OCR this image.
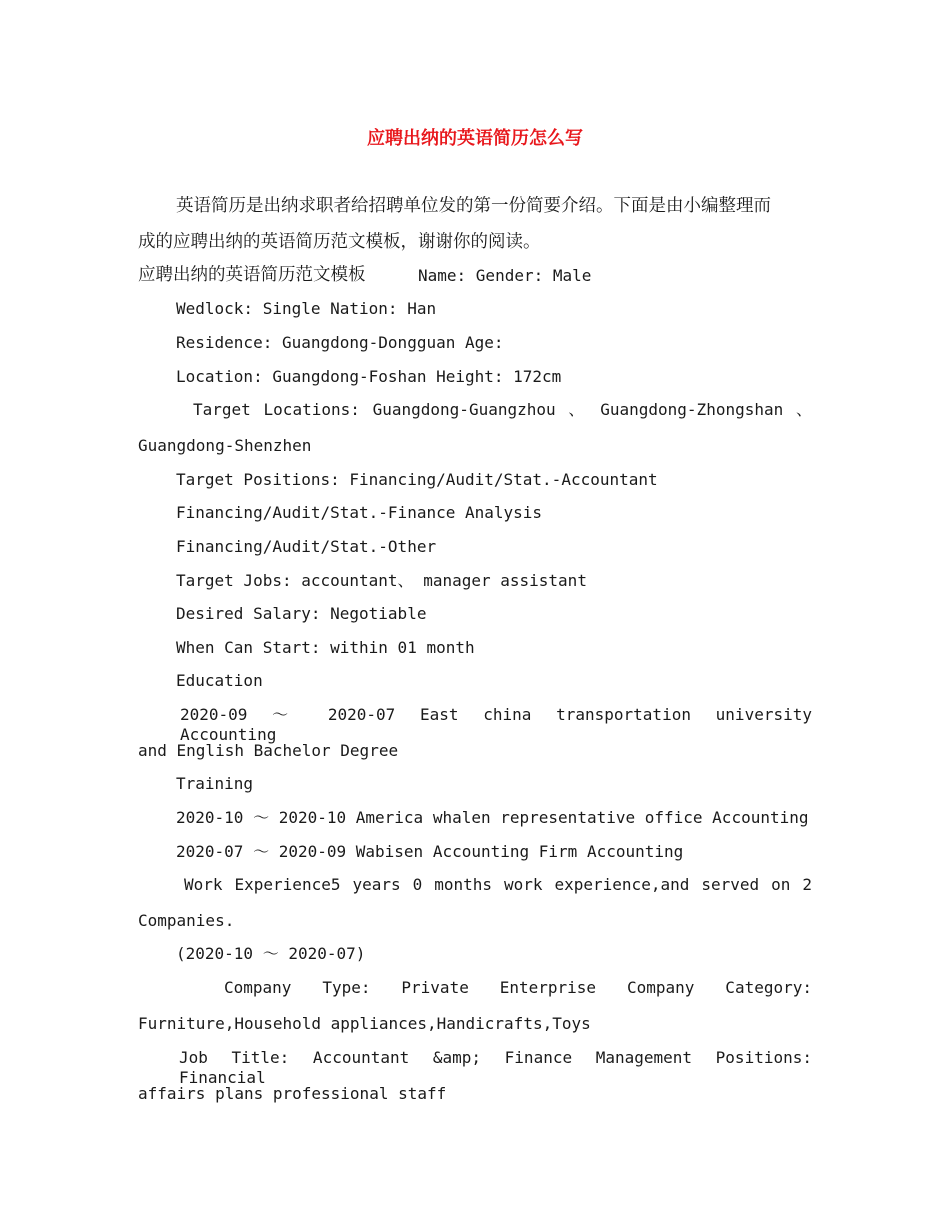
应聘出纳的英语简历怎么写
英语简历是出纳求职者给招聘单位发的第一份简要介绍。下面是由小编整理而
成的应聘出纳的英语简历范文模板，谢谢你的阅读。
应聘出纳的英语简历范文模板	Name: Gender: Male
Wedlock: Single Nation: Han
Residence: Guangdong-Dongguan Age:
Location: Guangdong-Foshan Height: 172cm
Target Locations: Guangdong-Guangzhou 、 Guangdong-Zhongshan 、
Guangdong-Shenzhen
Target Positions: Financing/Audit/Stat.-Accountant
Financing/Audit/Stat.-Finance Analysis
Financing/Audit/Stat.-Other
Target Jobs: accountant、 manager assistant
Desired Salary: Negotiable
When Can Start: within 01 month
Education
2020-09 ～ 2020-07 East china transportation university Accounting
and English Bachelor Degree
Training
2020-10 ～ 2020-10 America whalen representative office Accounting
2020-07 ～ 2020-09 Wabisen Accounting Firm Accounting
Work Experience5 years 0 months work experience,and served on 2
Companies.
(2020-10 ～ 2020-07)
Company Type: Private Enterprise Company Category:
Furniture,Household appliances,Handicrafts,Toys
Job Title: Accountant &amp; Finance Management Positions: Financial
affairs plans professional staff
